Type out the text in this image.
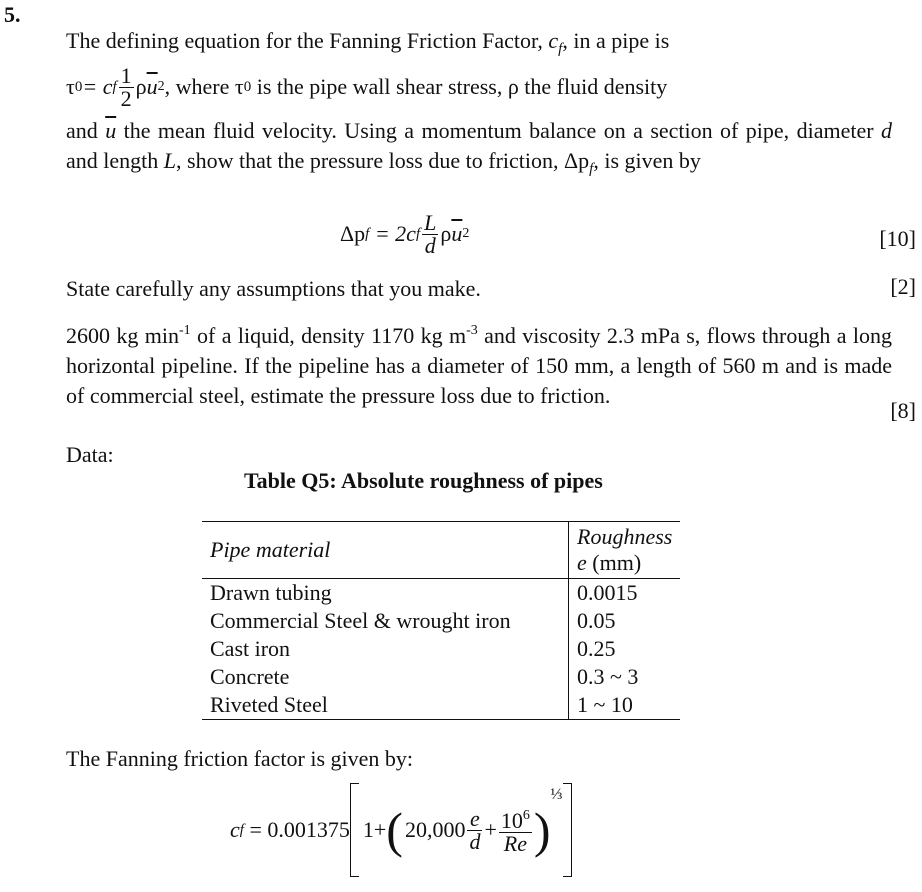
5.

The defining equation for the Fanning Friction Factor, $c_f$, in a pipe is

τ 0 = c f $\frac{1}{2}$ ρ $\overline{u}$ 2 , where τ 0 is the pipe wall shear stress, ρ the fluid density

and $\overline{u}$ the mean fluid velocity. Using a momentum balance on a section of pipe, diameter d and length L, show that the pressure loss due to friction, $\Delta p_f$, is given by

Δp f = 2c f $\frac{L}{d}$ ρ $\overline{u}$ 2	[10]
State carefully any assumptions that you make.	[2]

2600 kg $\min^{-1}$ of a liquid, density 1170 kg $m^{-3}$ and viscosity 2.3 mPa s, flows through a long horizontal pipeline. If the pipeline has a diameter of 150 mm, a length of 560 m and is made of commercial steel, estimate the pressure loss due to friction.

[8]
Data:
Table Q5: Absolute roughness of pipes
Pipe material	Roughness
e (mm)
Drawn tubing	0.0015
Commercial Steel & wrought iron	0.05
Cast iron	0.25
Concrete	0.3 ~ 3
Riveted Steel	1 ~ 10
The Fanning friction factor is given by:
c f = 0.001375 1+ ( $20,000 \frac{e}{d} + \frac{10^6}{Re}$ )
⅓
